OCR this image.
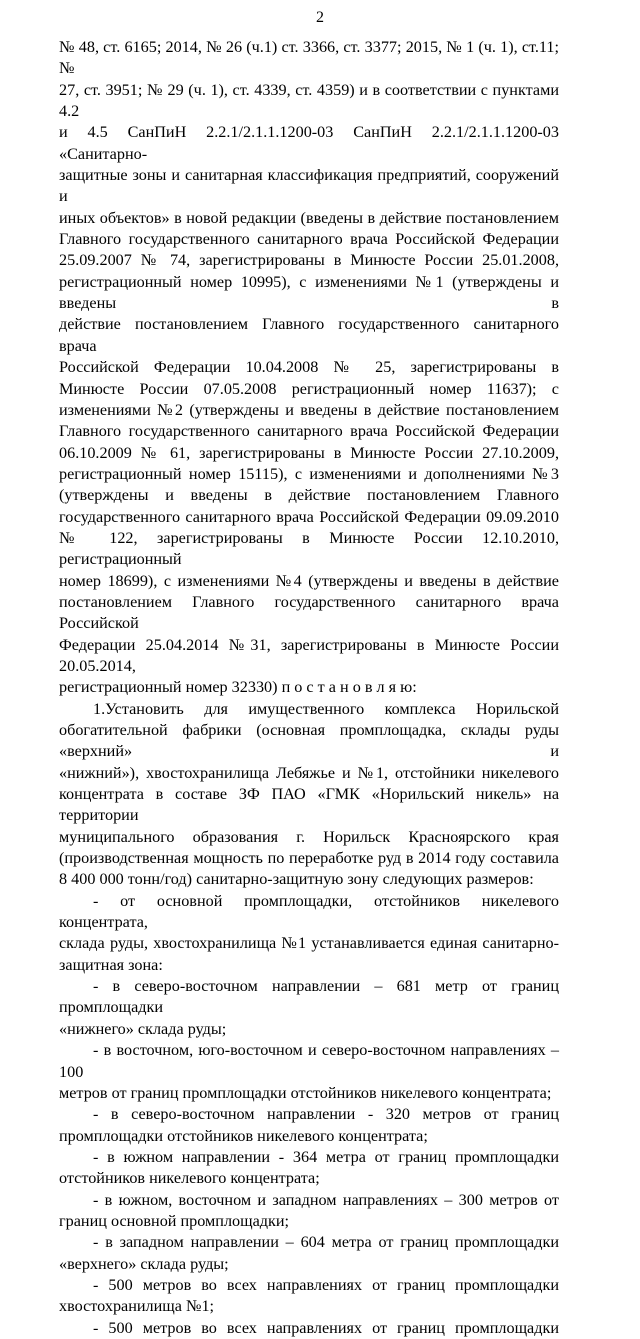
2
№ 48, ст. 6165; 2014, № 26 (ч.1) ст. 3366, ст. 3377; 2015, № 1 (ч. 1), ст.11; №
27, ст. 3951; № 29 (ч. 1), ст. 4339, ст. 4359) и в соответствии с пунктами 4.2
и 4.5 СанПиН 2.2.1/2.1.1.1200-03 СанПиН 2.2.1/2.1.1.1200-03 «Санитарно-
защитные зоны и санитарная классификация предприятий, сооружений и
иных объектов» в новой редакции (введены в действие постановлением
Главного государственного санитарного врача Российской Федерации
25.09.2007 № 74, зарегистрированы в Минюсте России 25.01.2008,
регистрационный номер 10995), с изменениями №1 (утверждены и введены в
действие постановлением Главного государственного санитарного врача
Российской Федерации 10.04.2008 № 25, зарегистрированы в
Минюсте России 07.05.2008 регистрационный номер 11637); с
изменениями №2 (утверждены и введены в действие постановлением
Главного государственного санитарного врача Российской Федерации
06.10.2009 № 61, зарегистрированы в Минюсте России 27.10.2009,
регистрационный номер 15115), с изменениями и дополнениями №3
(утверждены и введены в действие постановлением Главного
государственного санитарного врача Российской Федерации 09.09.2010
№ 122, зарегистрированы в Минюсте России 12.10.2010, регистрационный
номер 18699), с изменениями №4 (утверждены и введены в действие
постановлением Главного государственного санитарного врача Российской
Федерации 25.04.2014 №31, зарегистрированы в Минюсте России 20.05.2014,
регистрационный номер 32330) п о с т а н о в л я ю:
1.Установить для имущественного комплекса Норильской
обогатительной фабрики (основная промплощадка, склады руды «верхний» и
«нижний»), хвостохранилища Лебяжье и №1, отстойники никелевого
концентрата в составе ЗФ ПАО «ГМК «Норильский никель» на территории
муниципального образования г. Норильск Красноярского края
(производственная мощность по переработке руд в 2014 году составила
8 400 000 тонн/год) санитарно-защитную зону следующих размеров:
- от основной промплощадки, отстойников никелевого концентрата,
склада руды, хвостохранилища №1 устанавливается единая санитарно-
защитная зона:
- в северо-восточном направлении – 681 метр от границ промплощадки
«нижнего» склада руды;
- в восточном, юго-восточном и северо-восточном направлениях – 100
метров от границ промплощадки отстойников никелевого концентрата;
- в северо-восточном направлении - 320 метров от границ
промплощадки отстойников никелевого концентрата;
- в южном направлении - 364 метра от границ промплощадки
отстойников никелевого концентрата;
- в южном, восточном и западном направлениях – 300 метров от
границ основной промплощадки;
- в западном направлении – 604 метра от границ промплощадки
«верхнего» склада руды;
- 500 метров во всех направлениях от границ промплощадки
хвостохранилища №1;
- 500 метров во всех направлениях от границ промплощадки
